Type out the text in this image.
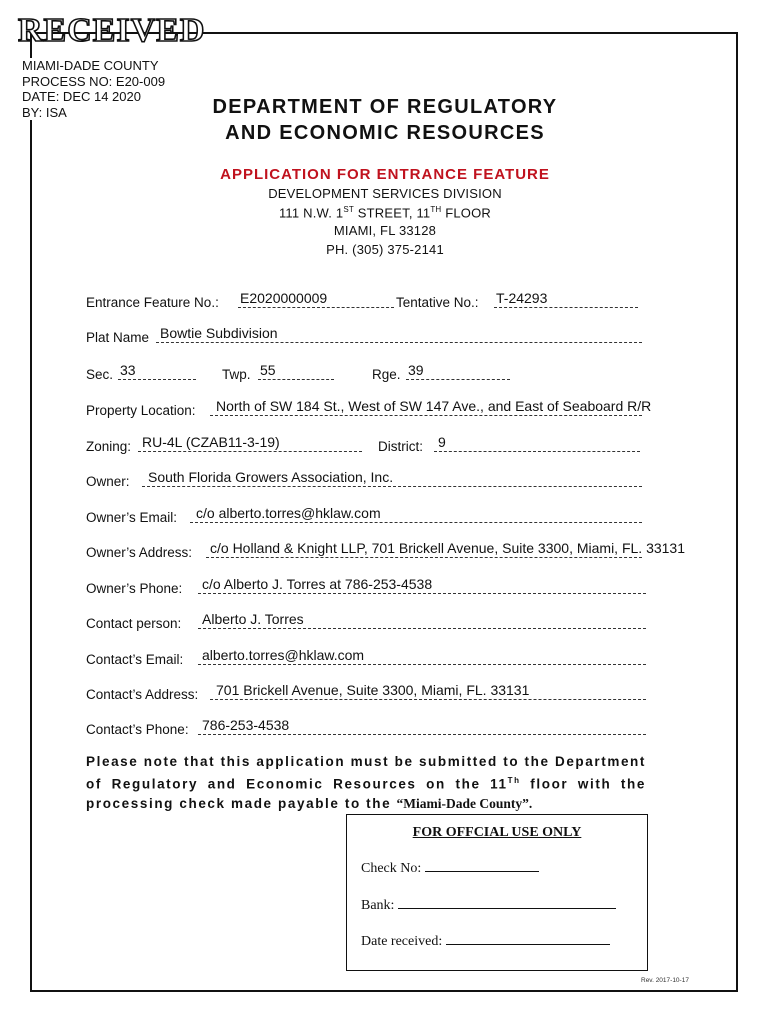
RECEIVED
MIAMI-DADE COUNTY
PROCESS NO: E20-009
DATE: DEC 14 2020
BY: ISA	DEPARTMENT OF REGULATORY
AND ECONOMIC RESOURCES
APPLICATION FOR ENTRANCE FEATURE
DEVELOPMENT SERVICES DIVISION
111 N.W. 1ST STREET, 11TH FLOOR
MIAMI, FL 33128
PH. (305) 375-2141
Entrance Feature No.: E2020000009	Tentative No.: T-24293
Plat Name Bowtie Subdivision
Sec. 33	Twp. 55	Rge. 39
Property Location: North of SW 184 St., West of SW 147 Ave., and East of Seaboard R/R
Zoning: RU-4L (CZAB11-3-19)	District: 9
Owner: South Florida Growers Association, Inc.
Owner’s Email: c/o alberto.torres@hklaw.com
Owner’s Address: c/o Holland & Knight LLP, 701 Brickell Avenue, Suite 3300, Miami, FL. 33131
Owner’s Phone: c/o Alberto J. Torres at 786-253-4538
Contact person: Alberto J. Torres
Contact’s Email: alberto.torres@hklaw.com
Contact’s Address: 701 Brickell Avenue, Suite 3300, Miami, FL. 33131
Contact’s Phone: 786-253-4538
Please note that this application must be submitted to the Department of Regulatory and Economic Resources on the 11Th floor with the processing check made payable to the “Miami-Dade County”.
FOR OFFCIAL USE ONLY
Check No:
Bank:
Date received:
Rev. 2017-10-17
